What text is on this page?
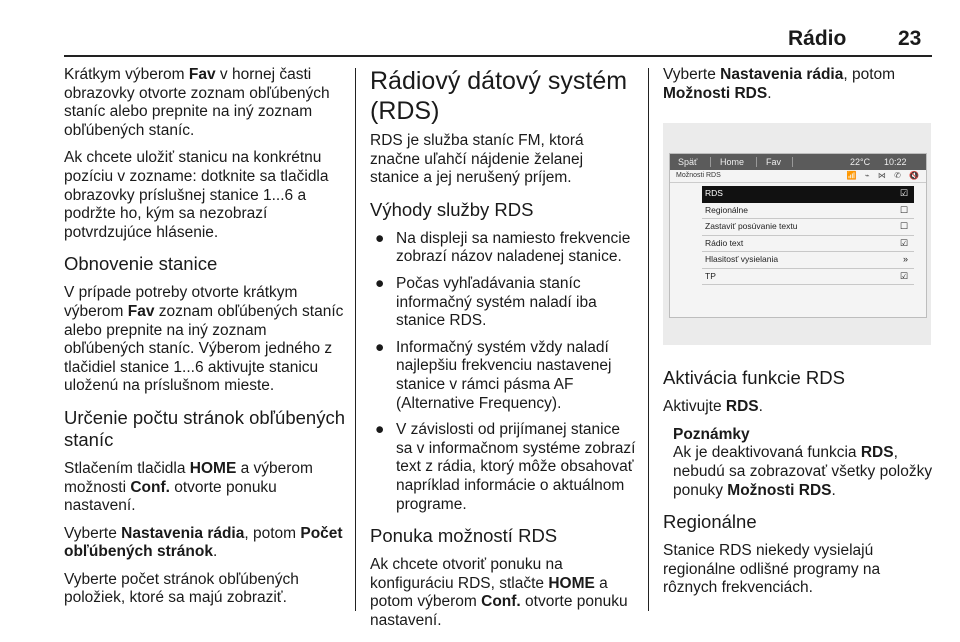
Rádio 23

Krátkym výberom Fav v hornej časti obrazovky otvorte zoznam obľúbených staníc alebo prepnite na iný zoznam obľúbených staníc.

Ak chcete uložiť stanicu na konkrétnu pozíciu v zozname: dotknite sa tlačidla obrazovky príslušnej stanice 1...6 a podržte ho, kým sa nezobrazí potvrdzujúce hlásenie.

Obnovenie stanice

V prípade potreby otvorte krátkym výberom Fav zoznam obľúbených staníc alebo prepnite na iný zoznam obľúbených staníc. Výberom jedného z tlačidiel stanice 1...6 aktivujte stanicu uloženú na príslušnom mieste.

Určenie počtu stránok obľúbených staníc

Stlačením tlačidla HOME a výberom možnosti Conf. otvorte ponuku nastavení.

Vyberte Nastavenia rádia, potom Počet obľúbených stránok.

Vyberte počet stránok obľúbených položiek, ktoré sa majú zobraziť.

Rádiový dátový systém (RDS)

RDS je služba staníc FM, ktorá značne uľahčí nájdenie želanej stanice a jej nerušený príjem.

Výhody služby RDS
● Na displeji sa namiesto frekvencie zobrazí názov naladenej stanice.
● Počas vyhľadávania staníc informačný systém naladí iba stanice RDS.
● Informačný systém vždy naladí najlepšiu frekvenciu nastavenej stanice v rámci pásma AF (Alternative Frequency).
● V závislosti od prijímanej stanice sa v informačnom systéme zobrazí text z rádia, ktorý môže obsahovať napríklad informácie o aktuálnom programe.
Ponuka možností RDS

Ak chcete otvoriť ponuku na konfiguráciu RDS, stlačte HOME a potom výberom Conf. otvorte ponuku nastavení.

Vyberte Nastavenia rádia, potom Možnosti RDS.

Späť	Home Fav	22°C 10:22
Možnosti RDS	📶 ⌁ ⋈ ✆ 🔇
RDS	☑
Regionálne	☐
Zastaviť posúvanie textu	☐
Rádio text	☑
Hlasitosť vysielania	»
TP	☑
Aktivácia funkcie RDS

Aktivujte RDS.

Poznámky

Ak je deaktivovaná funkcia RDS, nebudú sa zobrazovať všetky položky ponuky Možnosti RDS.

Regionálne

Stanice RDS niekedy vysielajú regionálne odlišné programy na rôznych frekvenciách.
